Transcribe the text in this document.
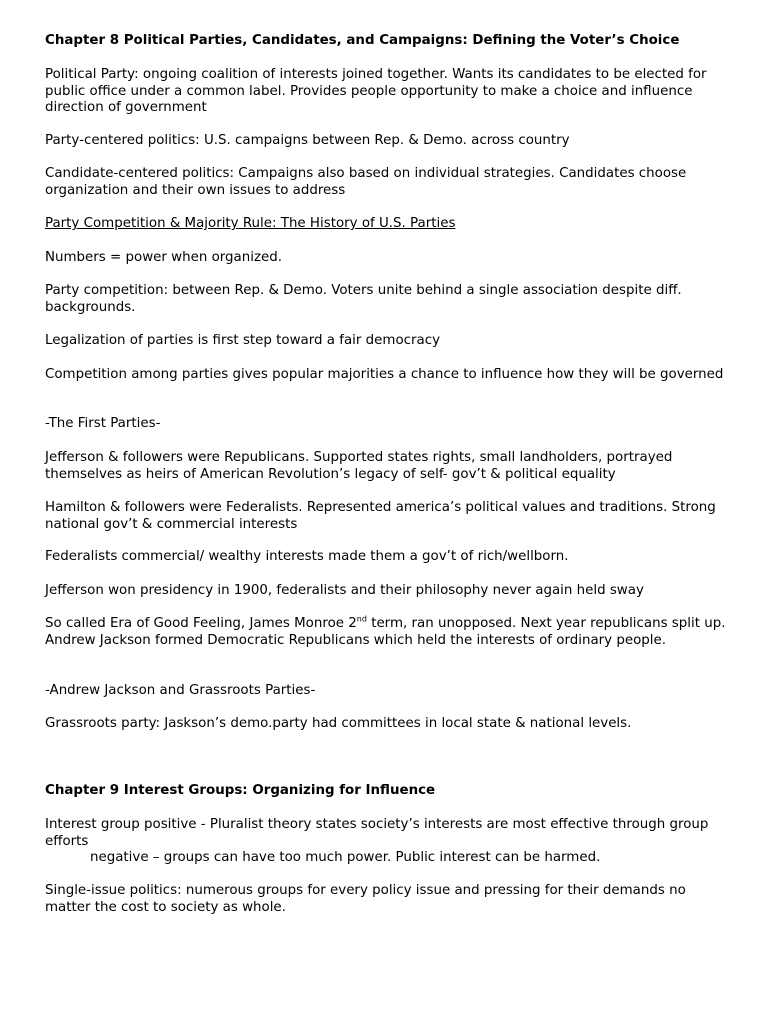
Chapter 8 Political Parties, Candidates, and Campaigns: Defining the Voter’s Choice

Political Party: ongoing coalition of interests joined together. Wants its candidates to be elected for public office under a common label. Provides people opportunity to make a choice and influence direction of government

Party-centered politics: U.S. campaigns between Rep. & Demo. across country

Candidate-centered politics: Campaigns also based on individual strategies. Candidates choose organization and their own issues to address

Party Competition & Majority Rule: The History of U.S. Parties

Numbers = power when organized.

Party competition: between Rep. & Demo. Voters unite behind a single association despite diff. backgrounds.

Legalization of parties is first step toward a fair democracy

Competition among parties gives popular majorities a chance to influence how they will be governed

-The First Parties-

Jefferson & followers were Republicans. Supported states rights, small landholders, portrayed themselves as heirs of American Revolution’s legacy of self- gov’t & political equality

Hamilton & followers were Federalists. Represented america’s political values and traditions. Strong national gov’t & commercial interests

Federalists commercial/ wealthy interests made them a gov’t of rich/wellborn.

Jefferson won presidency in 1900, federalists and their philosophy never again held sway

So called Era of Good Feeling, James Monroe 2nd term, ran unopposed. Next year republicans split up. Andrew Jackson formed Democratic Republicans which held the interests of ordinary people.

-Andrew Jackson and Grassroots Parties-

Grassroots party: Jaskson’s demo.party had committees in local state & national levels.

Chapter 9 Interest Groups: Organizing for Influence

Interest group positive - Pluralist theory states society’s interests are most effective through group efforts

negative – groups can have too much power. Public interest can be harmed.

Single-issue politics: numerous groups for every policy issue and pressing for their demands no matter the cost to society as whole.
